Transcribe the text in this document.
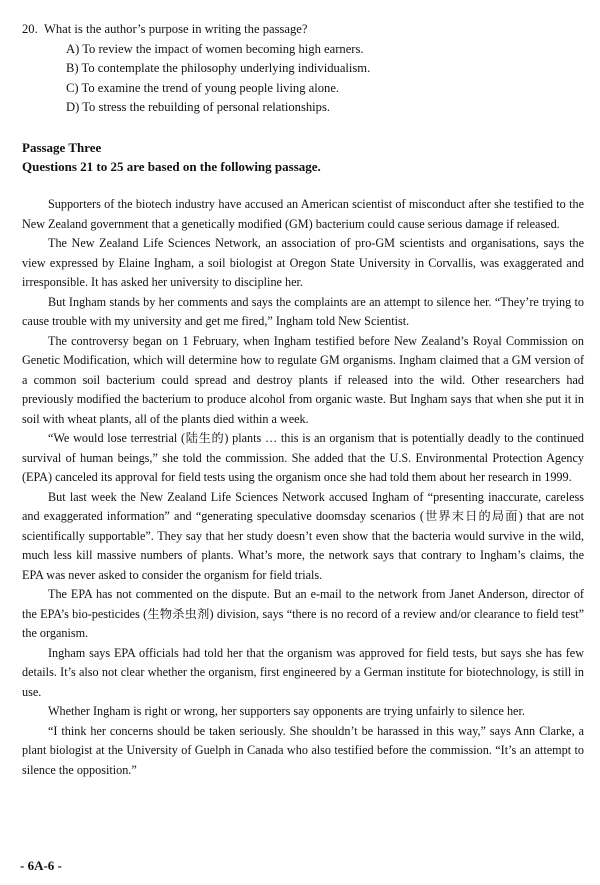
20. What is the author’s purpose in writing the passage?

A) To review the impact of women becoming high earners.

B) To contemplate the philosophy underlying individualism.

C) To examine the trend of young people living alone.

D) To stress the rebuilding of personal relationships.

Passage Three
Questions 21 to 25 are based on the following passage.

Supporters of the biotech industry have accused an American scientist of misconduct after she testified to the New Zealand government that a genetically modified (GM) bacterium could cause serious damage if released.

The New Zealand Life Sciences Network, an association of pro-GM scientists and organisations, says the view expressed by Elaine Ingham, a soil biologist at Oregon State University in Corvallis, was exaggerated and irresponsible. It has asked her university to discipline her.

But Ingham stands by her comments and says the complaints are an attempt to silence her. “They’re trying to cause trouble with my university and get me fired,” Ingham told New Scientist.

The controversy began on 1 February, when Ingham testified before New Zealand’s Royal Commission on Genetic Modification, which will determine how to regulate GM organisms. Ingham claimed that a GM version of a common soil bacterium could spread and destroy plants if released into the wild. Other researchers had previously modified the bacterium to produce alcohol from organic waste. But Ingham says that when she put it in soil with wheat plants, all of the plants died within a week.

“We would lose terrestrial (陆生的) plants … this is an organism that is potentially deadly to the continued survival of human beings,” she told the commission. She added that the U.S. Environmental Protection Agency (EPA) canceled its approval for field tests using the organism once she had told them about her research in 1999.

But last week the New Zealand Life Sciences Network accused Ingham of “presenting inaccurate, careless and exaggerated information” and “generating speculative doomsday scenarios (世界末日的局面) that are not scientifically supportable”. They say that her study doesn’t even show that the bacteria would survive in the wild, much less kill massive numbers of plants. What’s more, the network says that contrary to Ingham’s claims, the EPA was never asked to consider the organism for field trials.

The EPA has not commented on the dispute. But an e-mail to the network from Janet Anderson, director of the EPA’s bio-pesticides (生物杀虫剂) division, says “there is no record of a review and/or clearance to field test” the organism.

Ingham says EPA officials had told her that the organism was approved for field tests, but says she has few details. It’s also not clear whether the organism, first engineered by a German institute for biotechnology, is still in use.

Whether Ingham is right or wrong, her supporters say opponents are trying unfairly to silence her.

“I think her concerns should be taken seriously. She shouldn’t be harassed in this way,” says Ann Clarke, a plant biologist at the University of Guelph in Canada who also testified before the commission. “It’s an attempt to silence the opposition.”

- 6A-6 -
